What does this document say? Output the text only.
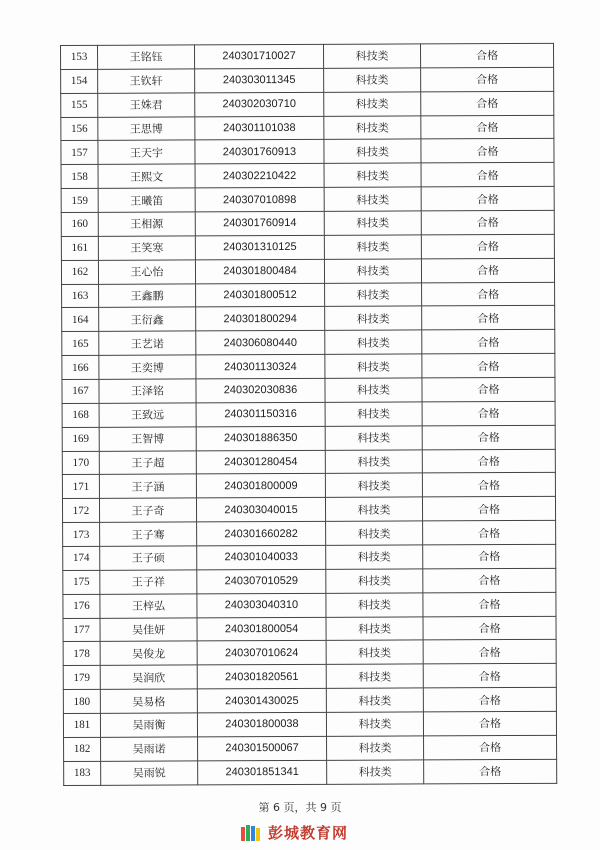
153	王铭钰	240301710027	科技类	合格
154	王钦轩	240303011345	科技类	合格
155	王姝君	240302030710	科技类	合格
156	王思博	240301101038	科技类	合格
157	王天宇	240301760913	科技类	合格
158	王熙文	240302210422	科技类	合格
159	王曦笛	240307010898	科技类	合格
160	王相源	240301760914	科技类	合格
161	王笑寒	240301310125	科技类	合格
162	王心怡	240301800484	科技类	合格
163	王鑫鹏	240301800512	科技类	合格
164	王衍鑫	240301800294	科技类	合格
165	王艺诺	240306080440	科技类	合格
166	王奕博	240301130324	科技类	合格
167	王泽铭	240302030836	科技类	合格
168	王致远	240301150316	科技类	合格
169	王智博	240301886350	科技类	合格
170	王子超	240301280454	科技类	合格
171	王子涵	240301800009	科技类	合格
172	王子奇	240303040015	科技类	合格
173	王子骞	240301660282	科技类	合格
174	王子硕	240301040033	科技类	合格
175	王子祥	240307010529	科技类	合格
176	王梓弘	240303040310	科技类	合格
177	吴佳妍	240301800054	科技类	合格
178	吴俊龙	240307010624	科技类	合格
179	吴润欣	240301820561	科技类	合格
180	吴易格	240301430025	科技类	合格
181	吴雨衡	240301800038	科技类	合格
182	吴雨诺	240301500067	科技类	合格
183	吴雨锐	240301851341	科技类	合格
第 6 页，共 9 页
彭城教育网
